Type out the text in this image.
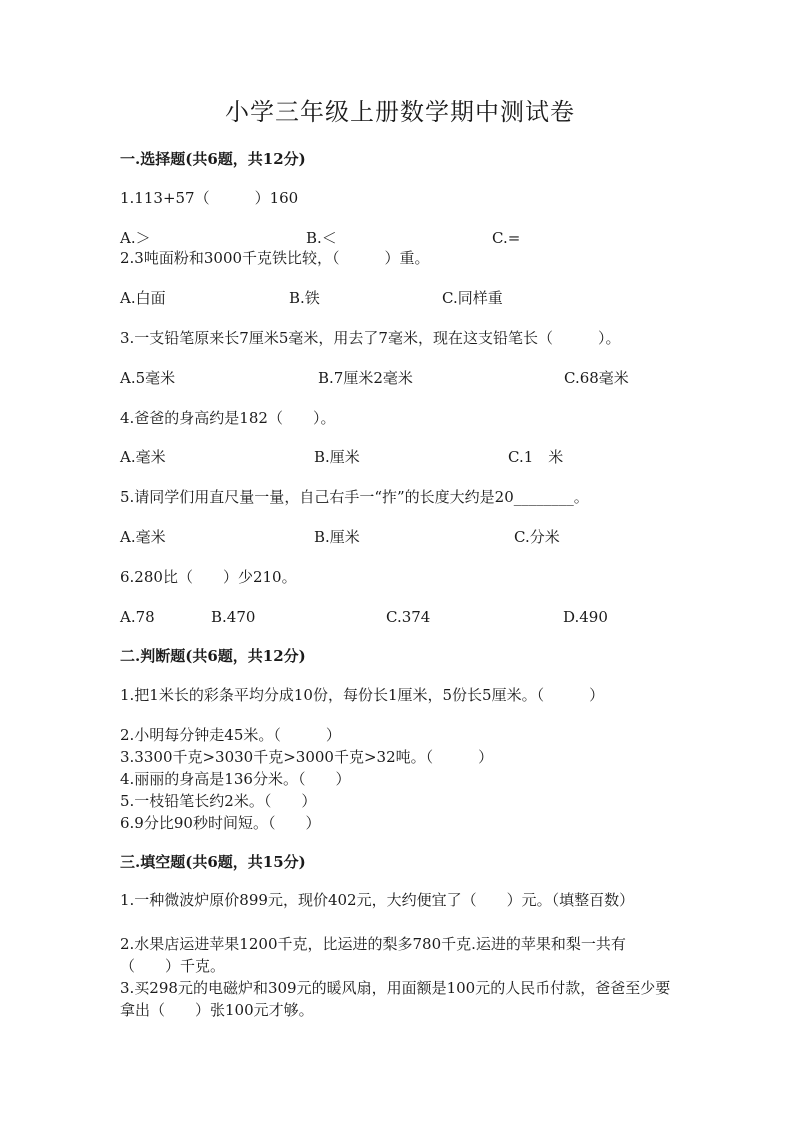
小学三年级上册数学期中测试卷
一.选择题(共6题，共12分)
1.113+57（　　　）160
A.＞	B.＜	C.=
2.3吨面粉和3000千克铁比较，（　　　）重。
A.白面	B.铁	C.同样重
3.一支铅笔原来长7厘米5毫米，用去了7毫米，现在这支铅笔长（　　　）。
A.5毫米	B.7厘米2毫米	C.68毫米
4.爸爸的身高约是182（　　）。
A.毫米	B.厘米	C.1　米
5.请同学们用直尺量一量，自己右手一“拃”的长度大约是20________。
A.毫米	B.厘米	C.分米
6.280比（　　）少210。
A.78	B.470	C.374	D.490
二.判断题(共6题，共12分)
1.把1米长的彩条平均分成10份，每份长1厘米，5份长5厘米。（　　　）
2.小明每分钟走45米。（　　　）
3.3300千克>3030千克>3000千克>32吨。（　　　）
4.丽丽的身高是136分米。（　　）
5.一枝铅笔长约2米。（　　）
6.9分比90秒时间短。（　　）
三.填空题(共6题，共15分)
1.一种微波炉原价899元，现价402元，大约便宜了（　　）元。（填整百数）
2.水果店运进苹果1200千克，比运进的梨多780千克.运进的苹果和梨一共有（　　）千克。
3.买298元的电磁炉和309元的暖风扇，用面额是100元的人民币付款，爸爸至少要拿出（　　）张100元才够。
